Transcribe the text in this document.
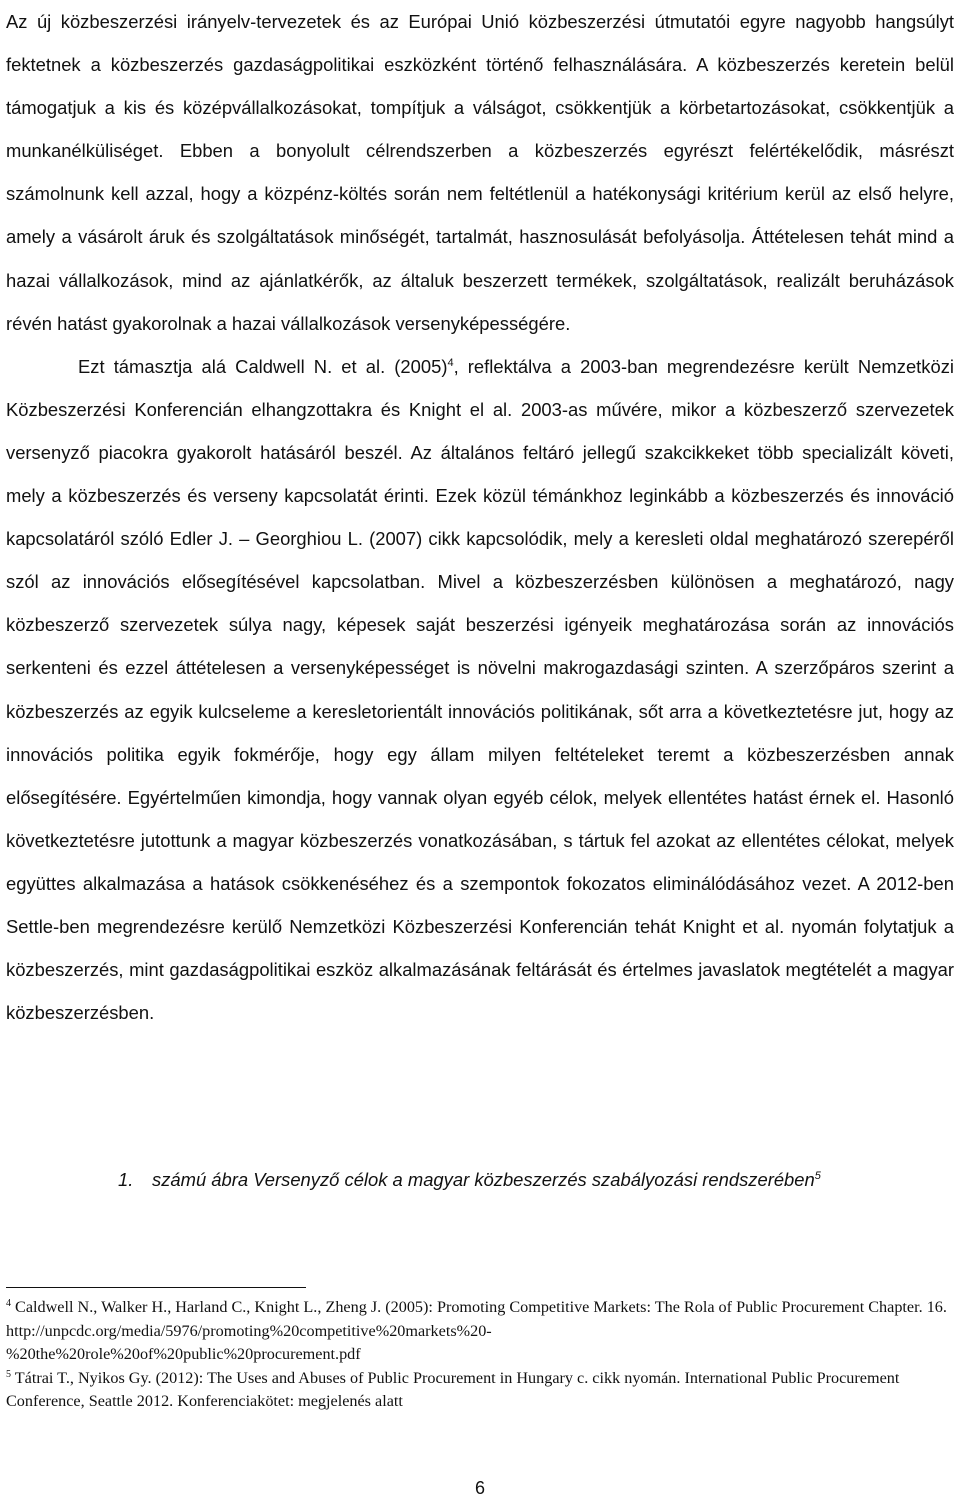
Az új közbeszerzési irányelv-tervezetek és az Európai Unió közbeszerzési útmutatói egyre nagyobb hangsúlyt fektetnek a közbeszerzés gazdaságpolitikai eszközként történő felhasználására. A közbeszerzés keretein belül támogatjuk a kis és középvállalkozásokat, tompítjuk a válságot, csökkentjük a körbetartozásokat, csökkentjük a munkanélküliséget. Ebben a bonyolult célrendszerben a közbeszerzés egyrészt felértékelődik, másrészt számolnunk kell azzal, hogy a közpénz-költés során nem feltétlenül a hatékonysági kritérium kerül az első helyre, amely a vásárolt áruk és szolgáltatások minőségét, tartalmát, hasznosulását befolyásolja. Áttételesen tehát mind a hazai vállalkozások, mind az ajánlatkérők, az általuk beszerzett termékek, szolgáltatások, realizált beruházások révén hatást gyakorolnak a hazai vállalkozások versenyképességére.

Ezt támasztja alá Caldwell N. et al. $(2005)^4$, reflektálva a 2003-ban megrendezésre került Nemzetközi Közbeszerzési Konferencián elhangzottakra és Knight el al. 2003-as művére, mikor a közbeszerző szervezetek versenyző piacokra gyakorolt hatásáról beszél. Az általános feltáró jellegű szakcikkeket több specializált követi, mely a közbeszerzés és verseny kapcsolatát érinti. Ezek közül témánkhoz leginkább a közbeszerzés és innováció kapcsolatáról szóló Edler J. – Georghiou L. (2007) cikk kapcsolódik, mely a keresleti oldal meghatározó szerepéről szól az innovációs elősegítésével kapcsolatban. Mivel a közbeszerzésben különösen a meghatározó, nagy közbeszerző szervezetek súlya nagy, képesek saját beszerzési igényeik meghatározása során az innovációs serkenteni és ezzel áttételesen a versenyképességet is növelni makrogazdasági szinten. A szerzőpáros szerint a közbeszerzés az egyik kulcseleme a keresletorientált innovációs politikának, sőt arra a következtetésre jut, hogy az innovációs politika egyik fokmérője, hogy egy állam milyen feltételeket teremt a közbeszerzésben annak elősegítésére. Egyértelműen kimondja, hogy vannak olyan egyéb célok, melyek ellentétes hatást érnek el. Hasonló következtetésre jutottunk a magyar közbeszerzés vonatkozásában, s tártuk fel azokat az ellentétes célokat, melyek együttes alkalmazása a hatások csökkenéséhez és a szempontok fokozatos eliminálódásához vezet. A 2012-ben Settle-ben megrendezésre kerülő Nemzetközi Közbeszerzési Konferencián tehát Knight et al. nyomán folytatjuk a közbeszerzés, mint gazdaságpolitikai eszköz alkalmazásának feltárását és értelmes javaslatok megtételét a magyar közbeszerzésben.

1. számú ábra Versenyző célok a magyar közbeszerzés szabályozási rendszerében$^5$

$^4$ Caldwell N., Walker H., Harland C., Knight L., Zheng J. (2005): Promoting Competitive Markets: The Rola of Public Procurement Chapter. 16.

http://unpcdc.org/media/5976/promoting%20competitive%20markets%20-

%20the%20role%20of%20public%20procurement.pdf

$^5$ Tátrai T., Nyikos Gy. (2012): The Uses and Abuses of Public Procurement in Hungary c. cikk nyomán. International Public Procurement Conference, Seattle 2012. Konferenciakötet: megjelenés alatt

6
